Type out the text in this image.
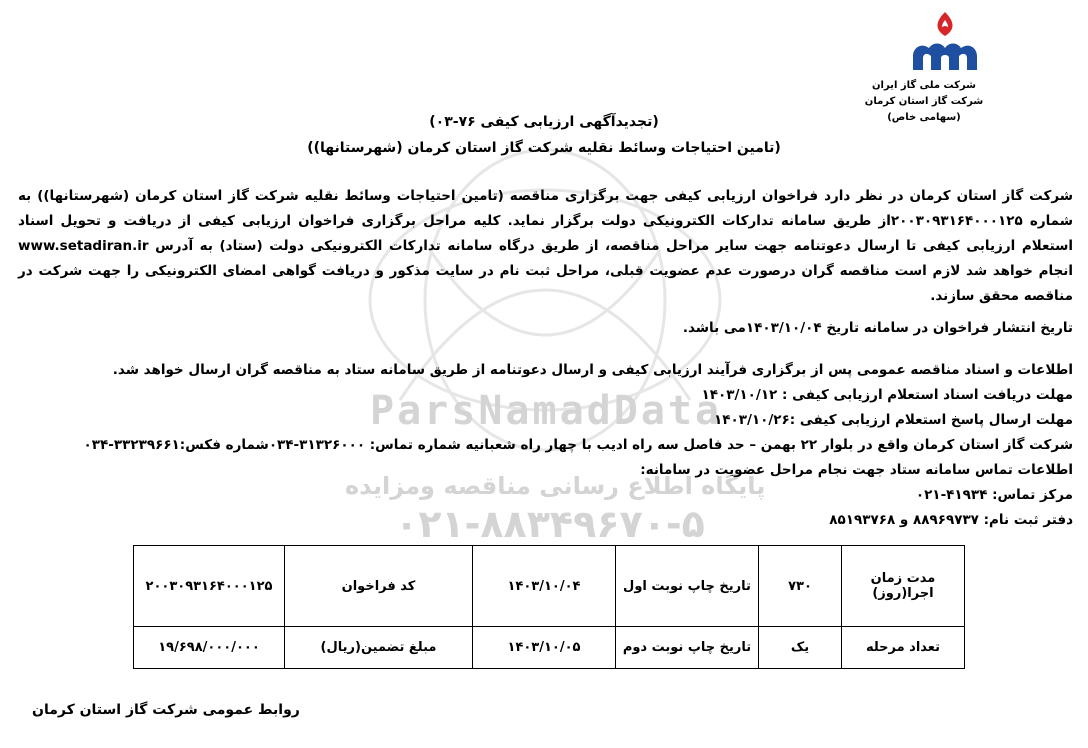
ParsNamadData
پایگاه اطلاع رسانی مناقصه ومزایده
۰۲۱-۸۸۳۴۹۶۷۰-۵
شرکت ملی گاز ایران
شرکت گاز استان کرمان
(سهامی خاص)
(تجدیدآگهی ارزیابی کیفی ۷۶-۰۳)
(تامین احتیاجات وسائط نقلیه شرکت گاز استان کرمان (شهرستانها))
شرکت گاز استان کرمان در نظر دارد فراخوان ارزیابی کیفی جهت برگزاری مناقصه (تامین احتیاجات وسائط نقلیه شرکت گاز استان کرمان (شهرستانها)) به شماره ۲۰۰۳۰۹۳۱۶۴۰۰۰۱۲۵از طریق سامانه تدارکات الکترونیکی دولت برگزار نماید. کلیه مراحل برگزاری فراخوان ارزیابی کیفی از دریافت و تحویل اسناد استعلام ارزیابی کیفی تا ارسال دعوتنامه جهت سایر مراحل مناقصه، از طریق درگاه سامانه تدارکات الکترونیکی دولت (ستاد) به آدرس www.setadiran.ir انجام خواهد شد لازم است مناقصه گران درصورت عدم عضویت قبلی، مراحل ثبت نام در سایت مذکور و دریافت گواهی امضای الکترونیکی را جهت شرکت در مناقصه محقق سازند.
تاریخ انتشار فراخوان در سامانه تاریخ ۱۴۰۳/۱۰/۰۴می باشد.
اطلاعات و اسناد مناقصه عمومی پس از برگزاری فرآیند ارزیابی کیفی و ارسال دعوتنامه از طریق سامانه ستاد به مناقصه گران ارسال خواهد شد.
مهلت دریافت اسناد استعلام ارزیابی کیفی : ۱۴۰۳/۱۰/۱۲
مهلت ارسال پاسخ استعلام ارزیابی کیفی :۱۴۰۳/۱۰/۲۶
شرکت گاز استان کرمان واقع در بلوار ۲۲ بهمن – حد فاصل سه راه ادیب با چهار راه شعبانیه شماره تماس: ۳۱۳۲۶۰۰۰-۰۳۴شماره فکس:۳۳۲۳۹۶۶۱-۰۳۴
اطلاعات تماس سامانه ستاد جهت نجام مراحل عضویت در سامانه:
مرکز تماس: ۴۱۹۳۴-۰۲۱
دفتر ثبت نام: ۸۸۹۶۹۷۳۷ و ۸۵۱۹۳۷۶۸
مدت زمان اجرا(روز)	۷۳۰	تاریخ چاپ نوبت اول	۱۴۰۳/۱۰/۰۴	کد فراخوان	۲۰۰۳۰۹۳۱۶۴۰۰۰۱۲۵
تعداد مرحله	یک	تاریخ چاپ نوبت دوم	۱۴۰۳/۱۰/۰۵	مبلغ تضمین(ریال)	۱۹/۶۹۸/۰۰۰/۰۰۰
روابط عمومی شرکت گاز استان کرمان
